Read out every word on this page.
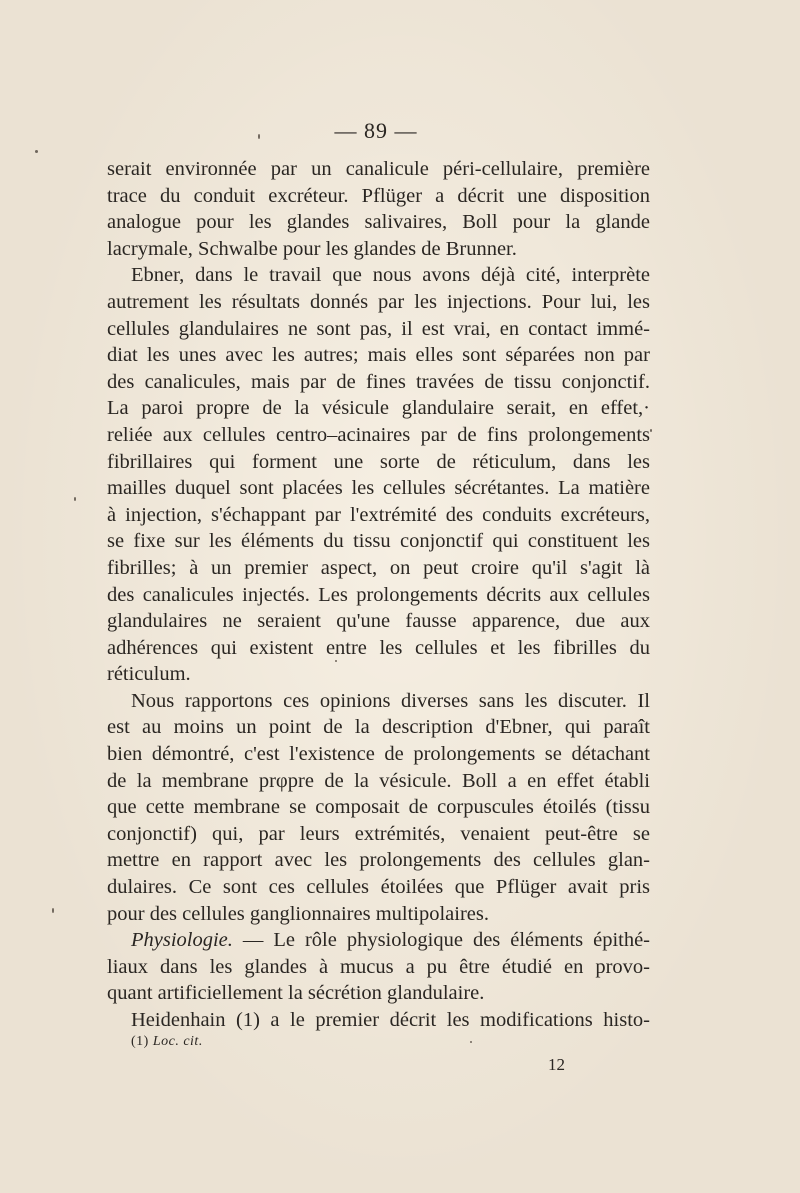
— 89 —
serait environnée par un canalicule péri-cellulaire, première
trace du conduit excréteur. Pflüger a décrit une disposition
analogue pour les glandes salivaires, Boll pour la glande
lacrymale, Schwalbe pour les glandes de Brunner.
Ebner, dans le travail que nous avons déjà cité, interprète
autrement les résultats donnés par les injections. Pour lui, les
cellules glandulaires ne sont pas, il est vrai, en contact immé-
diat les unes avec les autres; mais elles sont séparées non par
des canalicules, mais par de fines travées de tissu conjonctif.
La paroi propre de la vésicule glandulaire serait, en effet,·
reliée aux cellules centro–acinaires par de fins prolongements
fibrillaires qui forment une sorte de réticulum, dans les
mailles duquel sont placées les cellules sécrétantes. La matière
à injection, s'échappant par l'extrémité des conduits excréteurs,
se fixe sur les éléments du tissu conjonctif qui constituent les
fibrilles; à un premier aspect, on peut croire qu'il s'agit là
des canalicules injectés. Les prolongements décrits aux cellules
glandulaires ne seraient qu'une fausse apparence, due aux
adhérences qui existent entre les cellules et les fibrilles du
réticulum.
Nous rapportons ces opinions diverses sans les discuter. Il
est au moins un point de la description d'Ebner, qui paraît
bien démontré, c'est l'existence de prolongements se détachant
de la membrane prφpre de la vésicule. Boll a en effet établi
que cette membrane se composait de corpuscules étoilés (tissu
conjonctif) qui, par leurs extrémités, venaient peut-être se
mettre en rapport avec les prolongements des cellules glan-
dulaires. Ce sont ces cellules étoilées que Pflüger avait pris
pour des cellules ganglionnaires multipolaires.
Physiologie. — Le rôle physiologique des éléments épithé-
liaux dans les glandes à mucus a pu être étudié en provo-
quant artificiellement la sécrétion glandulaire.
Heidenhain (1) a le premier décrit les modifications histo-
(1) Loc. cit.
12
